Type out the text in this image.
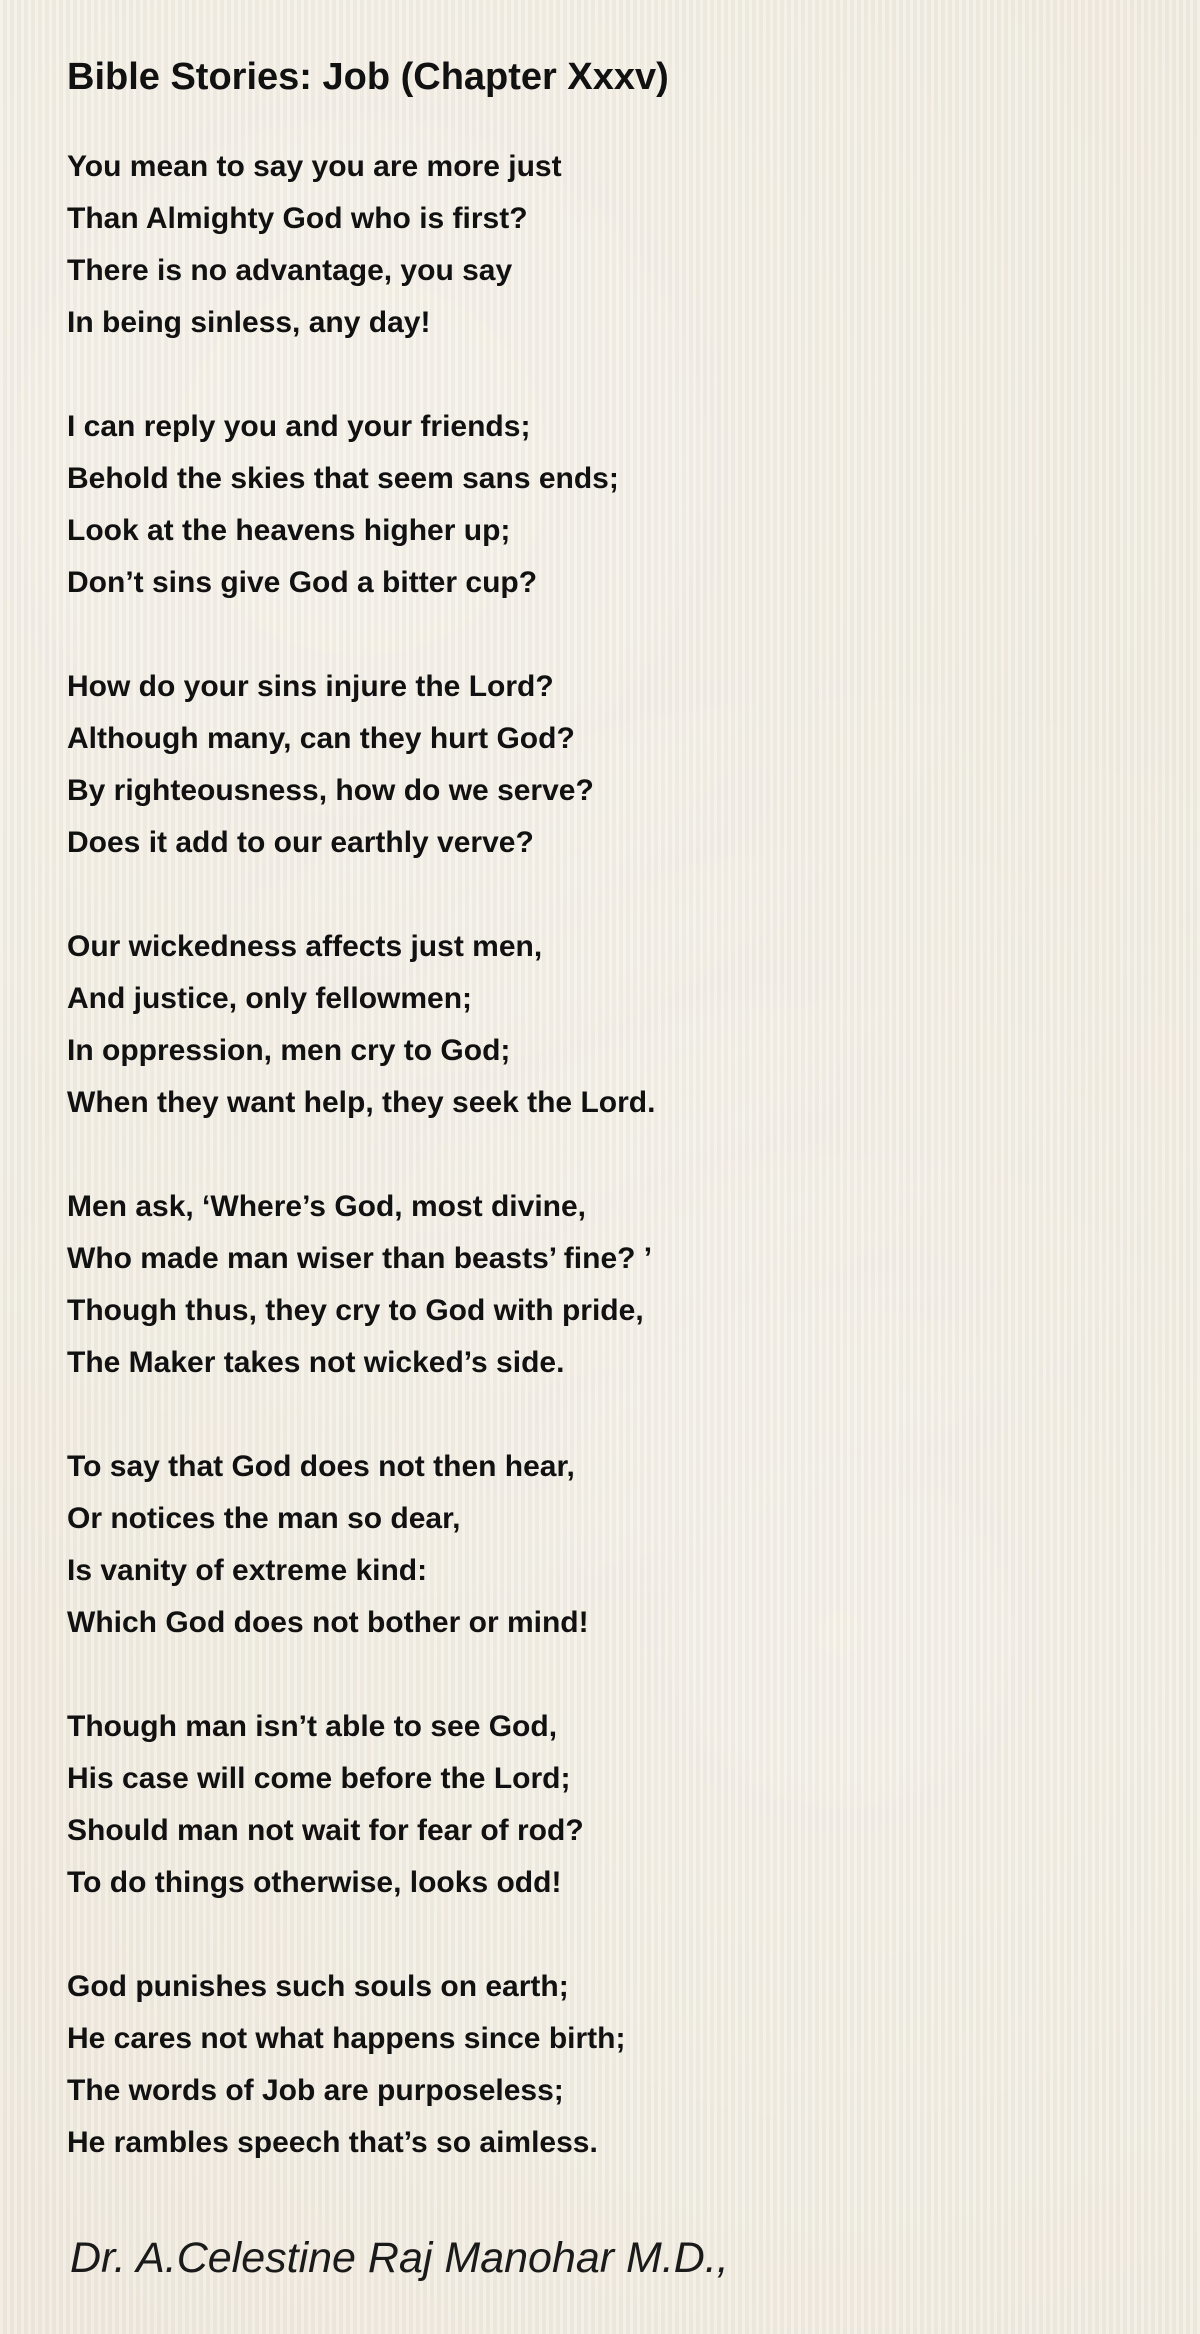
Bible Stories: Job (Chapter Xxxv)
You mean to say you are more just
Than Almighty God who is first?
There is no advantage, you say
In being sinless, any day!
I can reply you and your friends;
Behold the skies that seem sans ends;
Look at the heavens higher up;
Don’t sins give God a bitter cup?
How do your sins injure the Lord?
Although many, can they hurt God?
By righteousness, how do we serve?
Does it add to our earthly verve?
Our wickedness affects just men,
And justice, only fellowmen;
In oppression, men cry to God;
When they want help, they seek the Lord.
Men ask, ‘Where’s God, most divine,
Who made man wiser than beasts’ fine? ’
Though thus, they cry to God with pride,
The Maker takes not wicked’s side.
To say that God does not then hear,
Or notices the man so dear,
Is vanity of extreme kind:
Which God does not bother or mind!
Though man isn’t able to see God,
His case will come before the Lord;
Should man not wait for fear of rod?
To do things otherwise, looks odd!
God punishes such souls on earth;
He cares not what happens since birth;
The words of Job are purposeless;
He rambles speech that’s so aimless.
Dr. A.Celestine Raj Manohar M.D.,
